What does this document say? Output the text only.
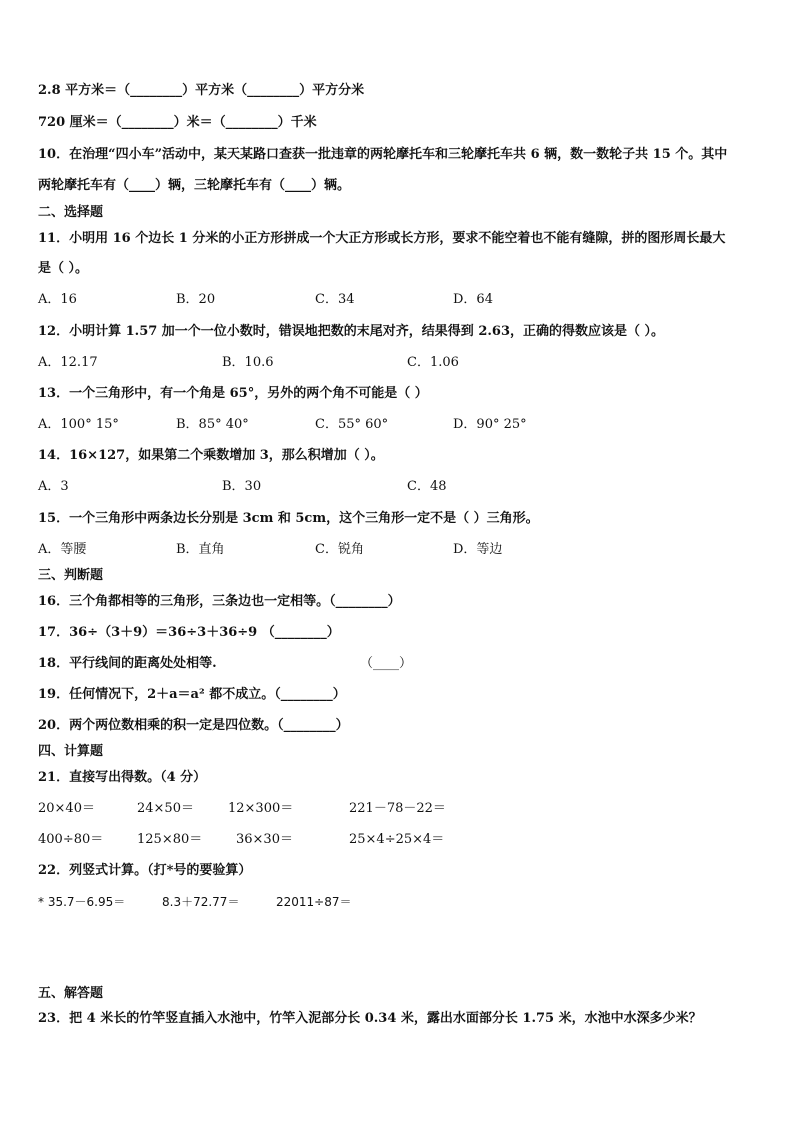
2.8 平方米＝（________）平方米（________）平方分米
720 厘米＝（________）米＝（________）千米
10．在治理“四小车”活动中，某天某路口查获一批违章的两轮摩托车和三轮摩托车共 6 辆，数一数轮子共 15 个。其中
两轮摩托车有（____）辆，三轮摩托车有（____）辆。
二、选择题
11．小明用 16 个边长 1 分米的小正方形拼成一个大正方形或长方形，要求不能空着也不能有缝隙，拼的图形周长最大
是（ ）。
A．16	B．20	C．34	D．64
12．小明计算 1.57 加一个一位小数时，错误地把数的末尾对齐，结果得到 2.63，正确的得数应该是（ ）。
A．12.17	B．10.6	C．1.06
13．一个三角形中，有一个角是 65°，另外的两个角不可能是（ ）
A．100° 15°	B．85° 40°	C．55° 60°	D．90° 25°
14．16×127，如果第二个乘数增加 3，那么积增加（ ）。
A．3	B．30	C．48
15．一个三角形中两条边长分别是 3cm 和 5cm，这个三角形一定不是（ ）三角形。
A．等腰	B．直角	C．锐角	D．等边
三、判断题
16．三个角都相等的三角形，三条边也一定相等。（________）
17．36÷（3＋9）＝36÷3＋36÷9 （________）
18．平行线间的距离处处相等.	（____）
19．任何情况下，2＋a＝a² 都不成立。（________）
20．两个两位数相乘的积一定是四位数。（________）
四、计算题
21．直接写出得数。（4 分）
20×40＝	24×50＝	12×300＝	221－78－22＝
400÷80＝	125×80＝	36×30＝	25×4÷25×4＝
22．列竖式计算。（打*号的要验算）
* 35.7－6.95＝	8.3＋72.77＝	22011÷87＝
五、解答题
23．把 4 米长的竹竿竖直插入水池中，竹竿入泥部分长 0.34 米，露出水面部分长 1.75 米，水池中水深多少米？
